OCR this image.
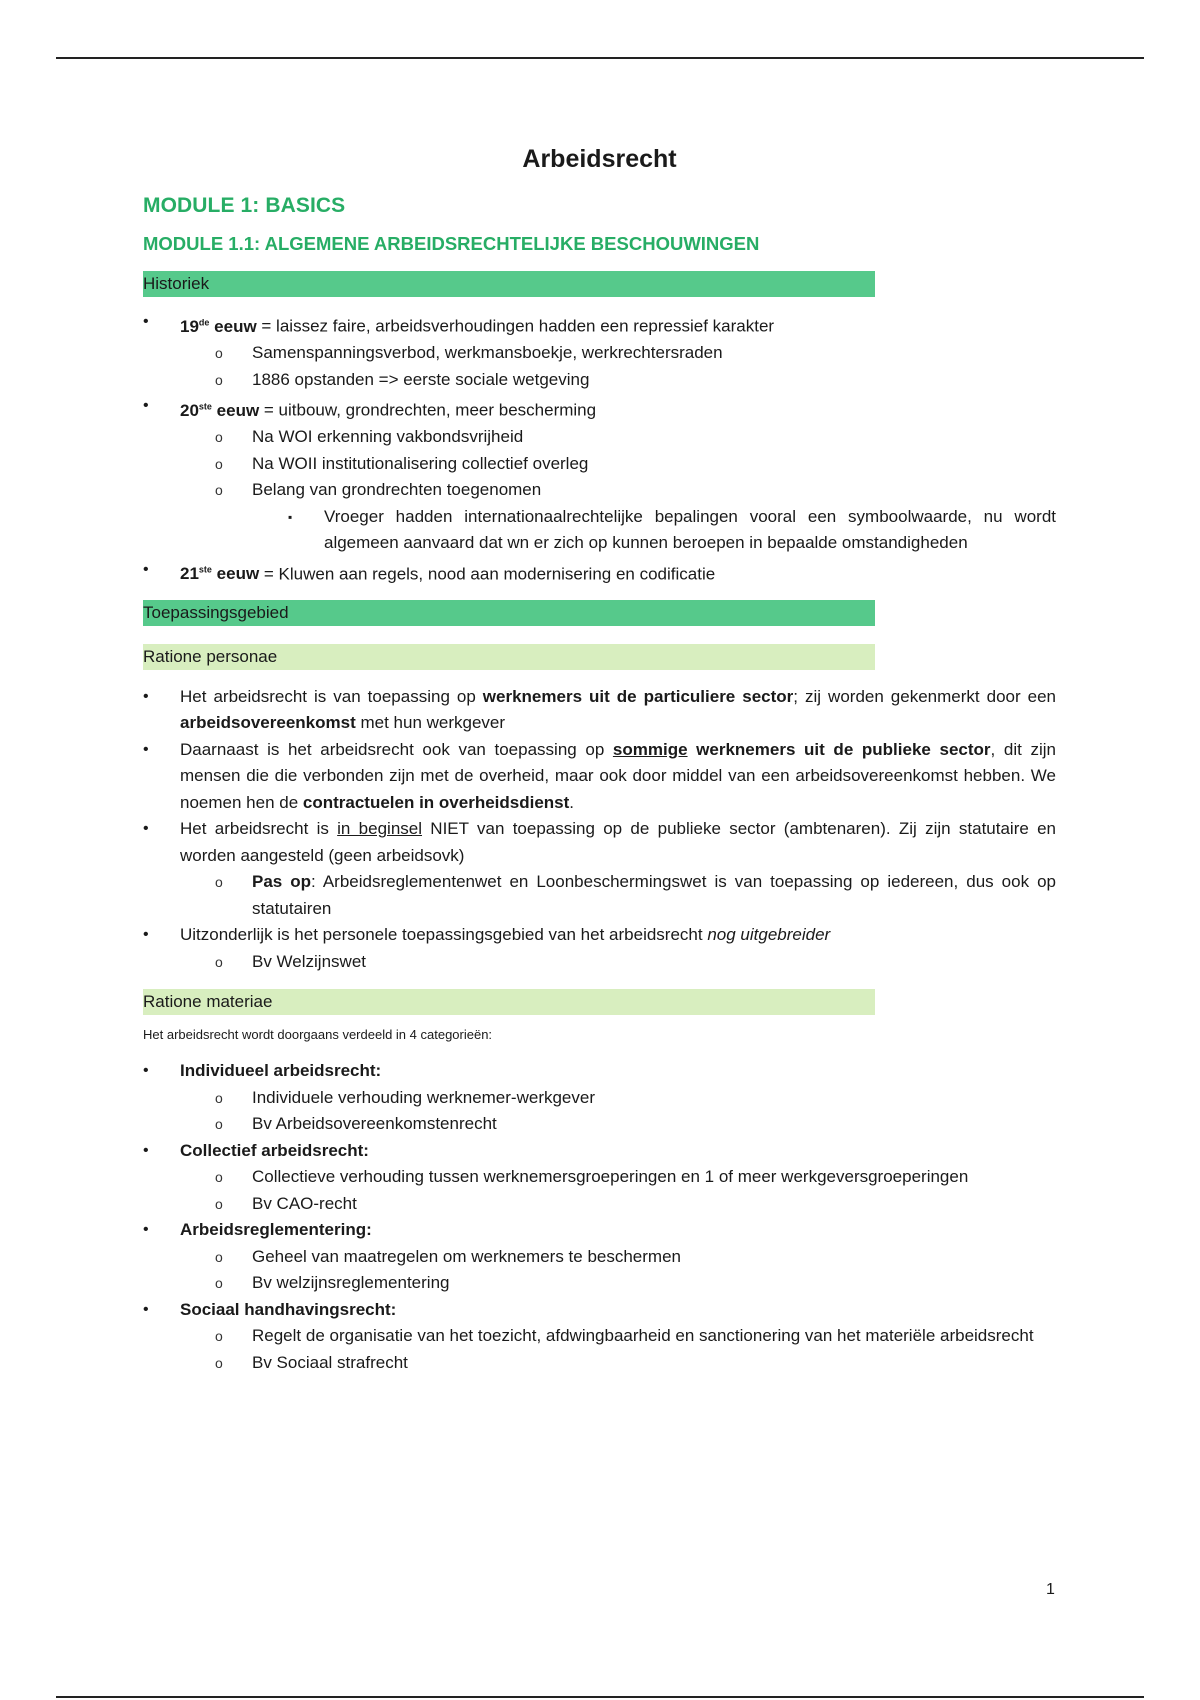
Arbeidsrecht
MODULE 1: BASICS
MODULE 1.1: ALGEMENE ARBEIDSRECHTELIJKE BESCHOUWINGEN
Historiek
• 19de eeuw = laissez faire, arbeidsverhoudingen hadden een repressief karakter
o Samenspanningsverbod, werkmansboekje, werkrechtersraden
o 1886 opstanden => eerste sociale wetgeving
• 20ste eeuw = uitbouw, grondrechten, meer bescherming
o Na WOI erkenning vakbondsvrijheid
o Na WOII institutionalisering collectief overleg
o Belang van grondrechten toegenomen
▪ Vroeger hadden internationaalrechtelijke bepalingen vooral een symboolwaarde, nu wordt algemeen aanvaard dat wn er zich op kunnen beroepen in bepaalde omstandigheden
• 21ste eeuw = Kluwen aan regels, nood aan modernisering en codificatie
Toepassingsgebied
Ratione personae
• Het arbeidsrecht is van toepassing op werknemers uit de particuliere sector; zij worden gekenmerkt door een arbeidsovereenkomst met hun werkgever
• Daarnaast is het arbeidsrecht ook van toepassing op sommige werknemers uit de publieke sector, dit zijn mensen die die verbonden zijn met de overheid, maar ook door middel van een arbeidsovereenkomst hebben. We noemen hen de contractuelen in overheidsdienst.
• Het arbeidsrecht is in beginsel NIET van toepassing op de publieke sector (ambtenaren). Zij zijn statutaire en worden aangesteld (geen arbeidsovk)
o Pas op: Arbeidsreglementenwet en Loonbeschermingswet is van toepassing op iedereen, dus ook op statutairen
• Uitzonderlijk is het personele toepassingsgebied van het arbeidsrecht nog uitgebreider
o Bv Welzijnswet
Ratione materiae
Het arbeidsrecht wordt doorgaans verdeeld in 4 categorieën:
• Individueel arbeidsrecht:
o Individuele verhouding werknemer-werkgever
o Bv Arbeidsovereenkomstenrecht
• Collectief arbeidsrecht:
o Collectieve verhouding tussen werknemersgroeperingen en 1 of meer werkgeversgroeperingen
o Bv CAO-recht
• Arbeidsreglementering:
o Geheel van maatregelen om werknemers te beschermen
o Bv welzijnsreglementering
• Sociaal handhavingsrecht:
o Regelt de organisatie van het toezicht, afdwingbaarheid en sanctionering van het materiële arbeidsrecht
o Bv Sociaal strafrecht
1
